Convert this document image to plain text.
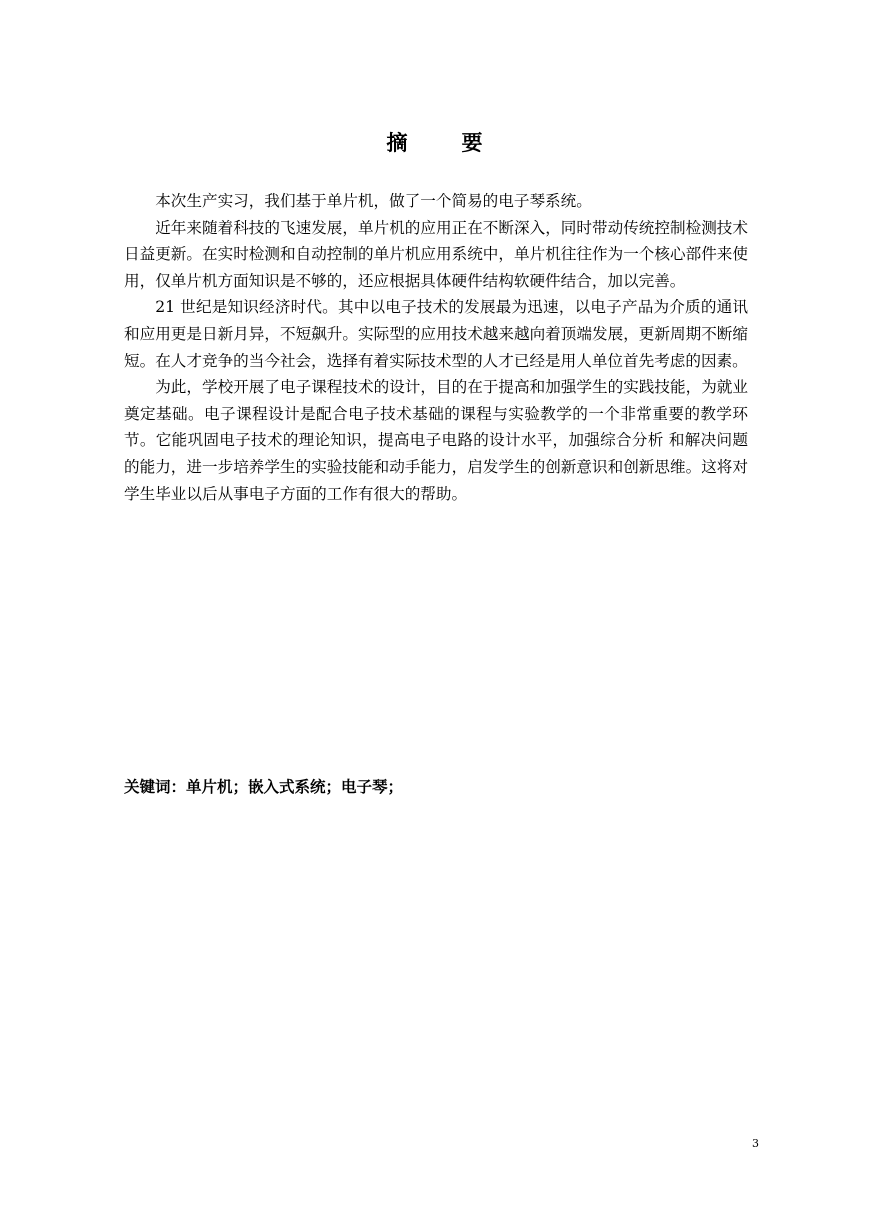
摘	要

本次生产实习，我们基于单片机，做了一个简易的电子琴系统。

近年来随着科技的飞速发展，单片机的应用正在不断深入，同时带动传统控制检测技术日益更新。在实时检测和自动控制的单片机应用系统中，单片机往往作为一个核心部件来使用，仅单片机方面知识是不够的，还应根据具体硬件结构软硬件结合，加以完善。

21 世纪是知识经济时代。其中以电子技术的发展最为迅速，以电子产品为介质的通讯和应用更是日新月异，不短飙升。实际型的应用技术越来越向着顶端发展，更新周期不断缩短。在人才竞争的当今社会，选择有着实际技术型的人才已经是用人单位首先考虑的因素。

为此，学校开展了电子课程技术的设计，目的在于提高和加强学生的实践技能，为就业奠定基础。电子课程设计是配合电子技术基础的课程与实验教学的一个非常重要的教学环节。它能巩固电子技术的理论知识，提高电子电路的设计水平，加强综合分析 和解决问题的能力，进一步培养学生的实验技能和动手能力，启发学生的创新意识和创新思维。这将对学生毕业以后从事电子方面的工作有很大的帮助。

关键词：单片机；嵌入式系统；电子琴；
3
